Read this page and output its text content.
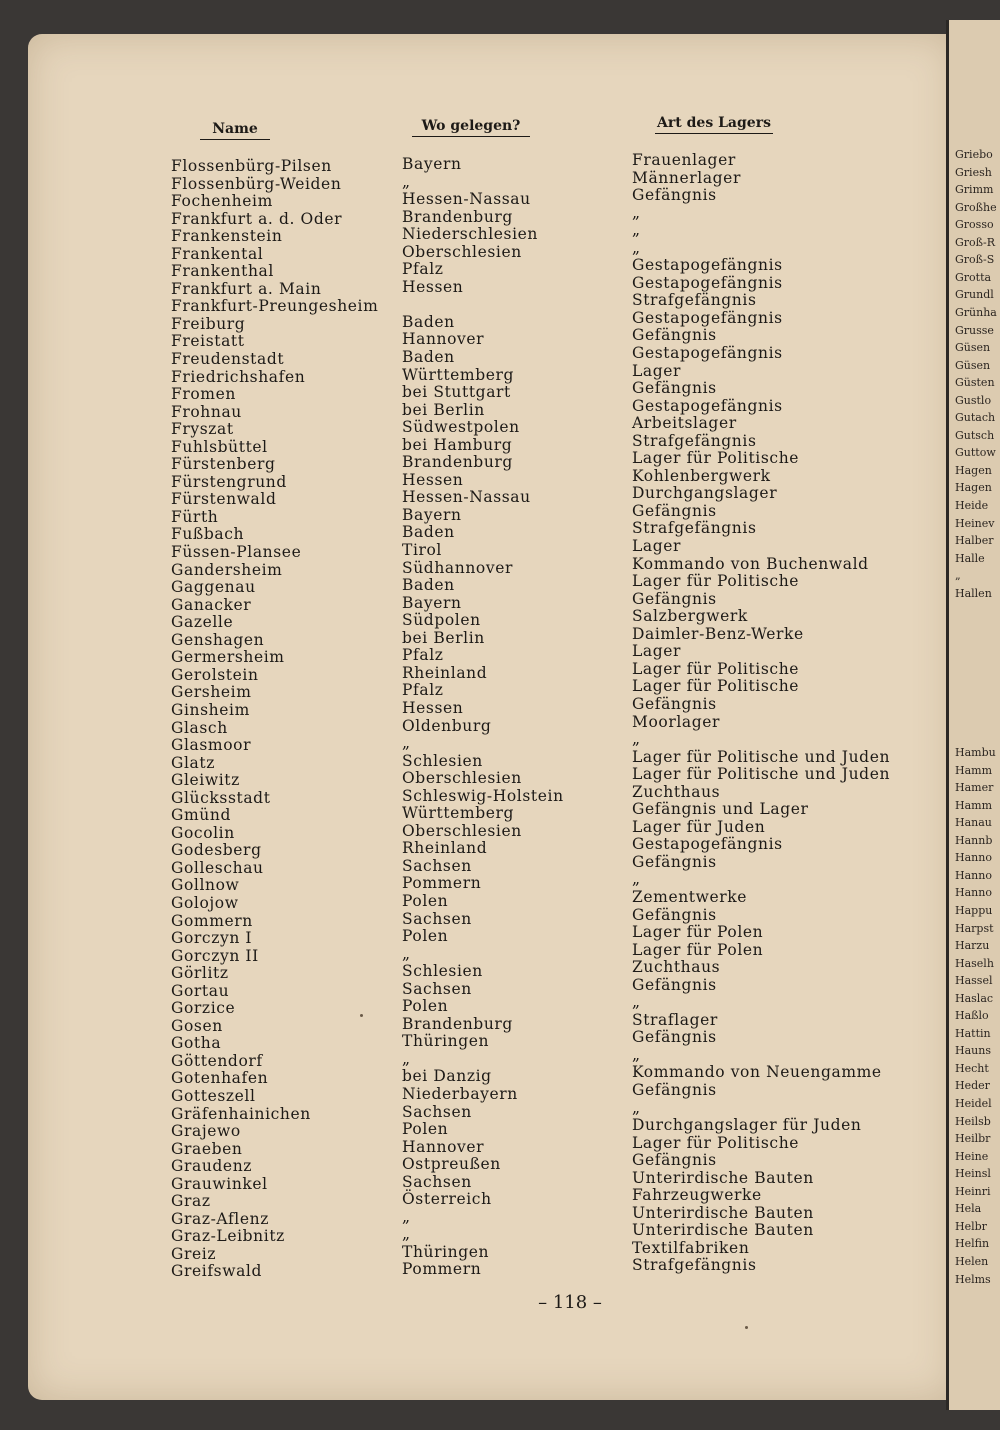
Griebo
Griesh
Grimm
Großhe
Grosso
Groß-R
Groß-S
Grotta
Grundl
Grünha
Grusse
Güsen
Güsen
Güsten
Gustlo
Gutach
Gutsch
Guttow
Hagen
Hagen
Heide
Heinev
Halber
Halle
„
Hallen
Hambu
Hamm
Hamer
Hamm
Hanau
Hannb
Hanno
Hanno
Hanno
Happu
Harpst
Harzu
Haselh
Hassel
Haslac
Haßlo
Hattin
Hauns
Hecht
Heder
Heidel
Heilsb
Heilbr
Heine
Heinsl
Heinri
Hela
Helbr
Helfin
Helen
Helms
Name	Wo gelegen?	Art des Lagers
Flossenbürg-Pilsen
Flossenbürg-Weiden
Fochenheim
Frankfurt a. d. Oder
Frankenstein
Frankental
Frankenthal
Frankfurt a. Main
Frankfurt-Preungesheim
Freiburg
Freistatt
Freudenstadt
Friedrichshafen
Fromen
Frohnau
Fryszat
Fuhlsbüttel
Fürstenberg
Fürstengrund
Fürstenwald
Fürth
Fußbach
Füssen-Plansee
Gandersheim
Gaggenau
Ganacker
Gazelle
Genshagen
Germersheim
Gerolstein
Gersheim
Ginsheim
Glasch
Glasmoor
Glatz
Gleiwitz
Glücksstadt
Gmünd
Gocolin
Godesberg
Golleschau
Gollnow
Golojow
Gommern
Gorczyn I
Gorczyn II
Görlitz
Gortau
Gorzice
Gosen
Gotha
Göttendorf
Gotenhafen
Gotteszell
Gräfenhainichen
Grajewo
Graeben
Graudenz
Grauwinkel
Graz
Graz-Aflenz
Graz-Leibnitz
Greiz
Greifswald
Bayern
„
Hessen-Nassau
Brandenburg
Niederschlesien
Oberschlesien
Pfalz
Hessen
Baden
Hannover
Baden
Württemberg
bei Stuttgart
bei Berlin
Südwestpolen
bei Hamburg
Brandenburg
Hessen
Hessen-Nassau
Bayern
Baden
Tirol
Südhannover
Baden
Bayern
Südpolen
bei Berlin
Pfalz
Rheinland
Pfalz
Hessen
Oldenburg
„
Schlesien
Oberschlesien
Schleswig-Holstein
Württemberg
Oberschlesien
Rheinland
Sachsen
Pommern
Polen
Sachsen
Polen
„
Schlesien
Sachsen
Polen
Brandenburg
Thüringen
„
bei Danzig
Niederbayern
Sachsen
Polen
Hannover
Ostpreußen
Sachsen
Österreich
„
„
Thüringen
Pommern
Frauenlager
Männerlager
Gefängnis
„
„
„
Gestapogefängnis
Gestapogefängnis
Strafgefängnis
Gestapogefängnis
Gefängnis
Gestapogefängnis
Lager
Gefängnis
Gestapogefängnis
Arbeitslager
Strafgefängnis
Lager für Politische
Kohlenbergwerk
Durchgangslager
Gefängnis
Strafgefängnis
Lager
Kommando von Buchenwald
Lager für Politische
Gefängnis
Salzbergwerk
Daimler-Benz-Werke
Lager
Lager für Politische
Lager für Politische
Gefängnis
Moorlager
„
Lager für Politische und Juden
Lager für Politische und Juden
Zuchthaus
Gefängnis und Lager
Lager für Juden
Gestapogefängnis
Gefängnis
„
Zementwerke
Gefängnis
Lager für Polen
Lager für Polen
Zuchthaus
Gefängnis
„
Straflager
Gefängnis
„
Kommando von Neuengamme
Gefängnis
„
Durchgangslager für Juden
Lager für Politische
Gefängnis
Unterirdische Bauten
Fahrzeugwerke
Unterirdische Bauten
Unterirdische Bauten
Textilfabriken
Strafgefängnis
– 118 –
